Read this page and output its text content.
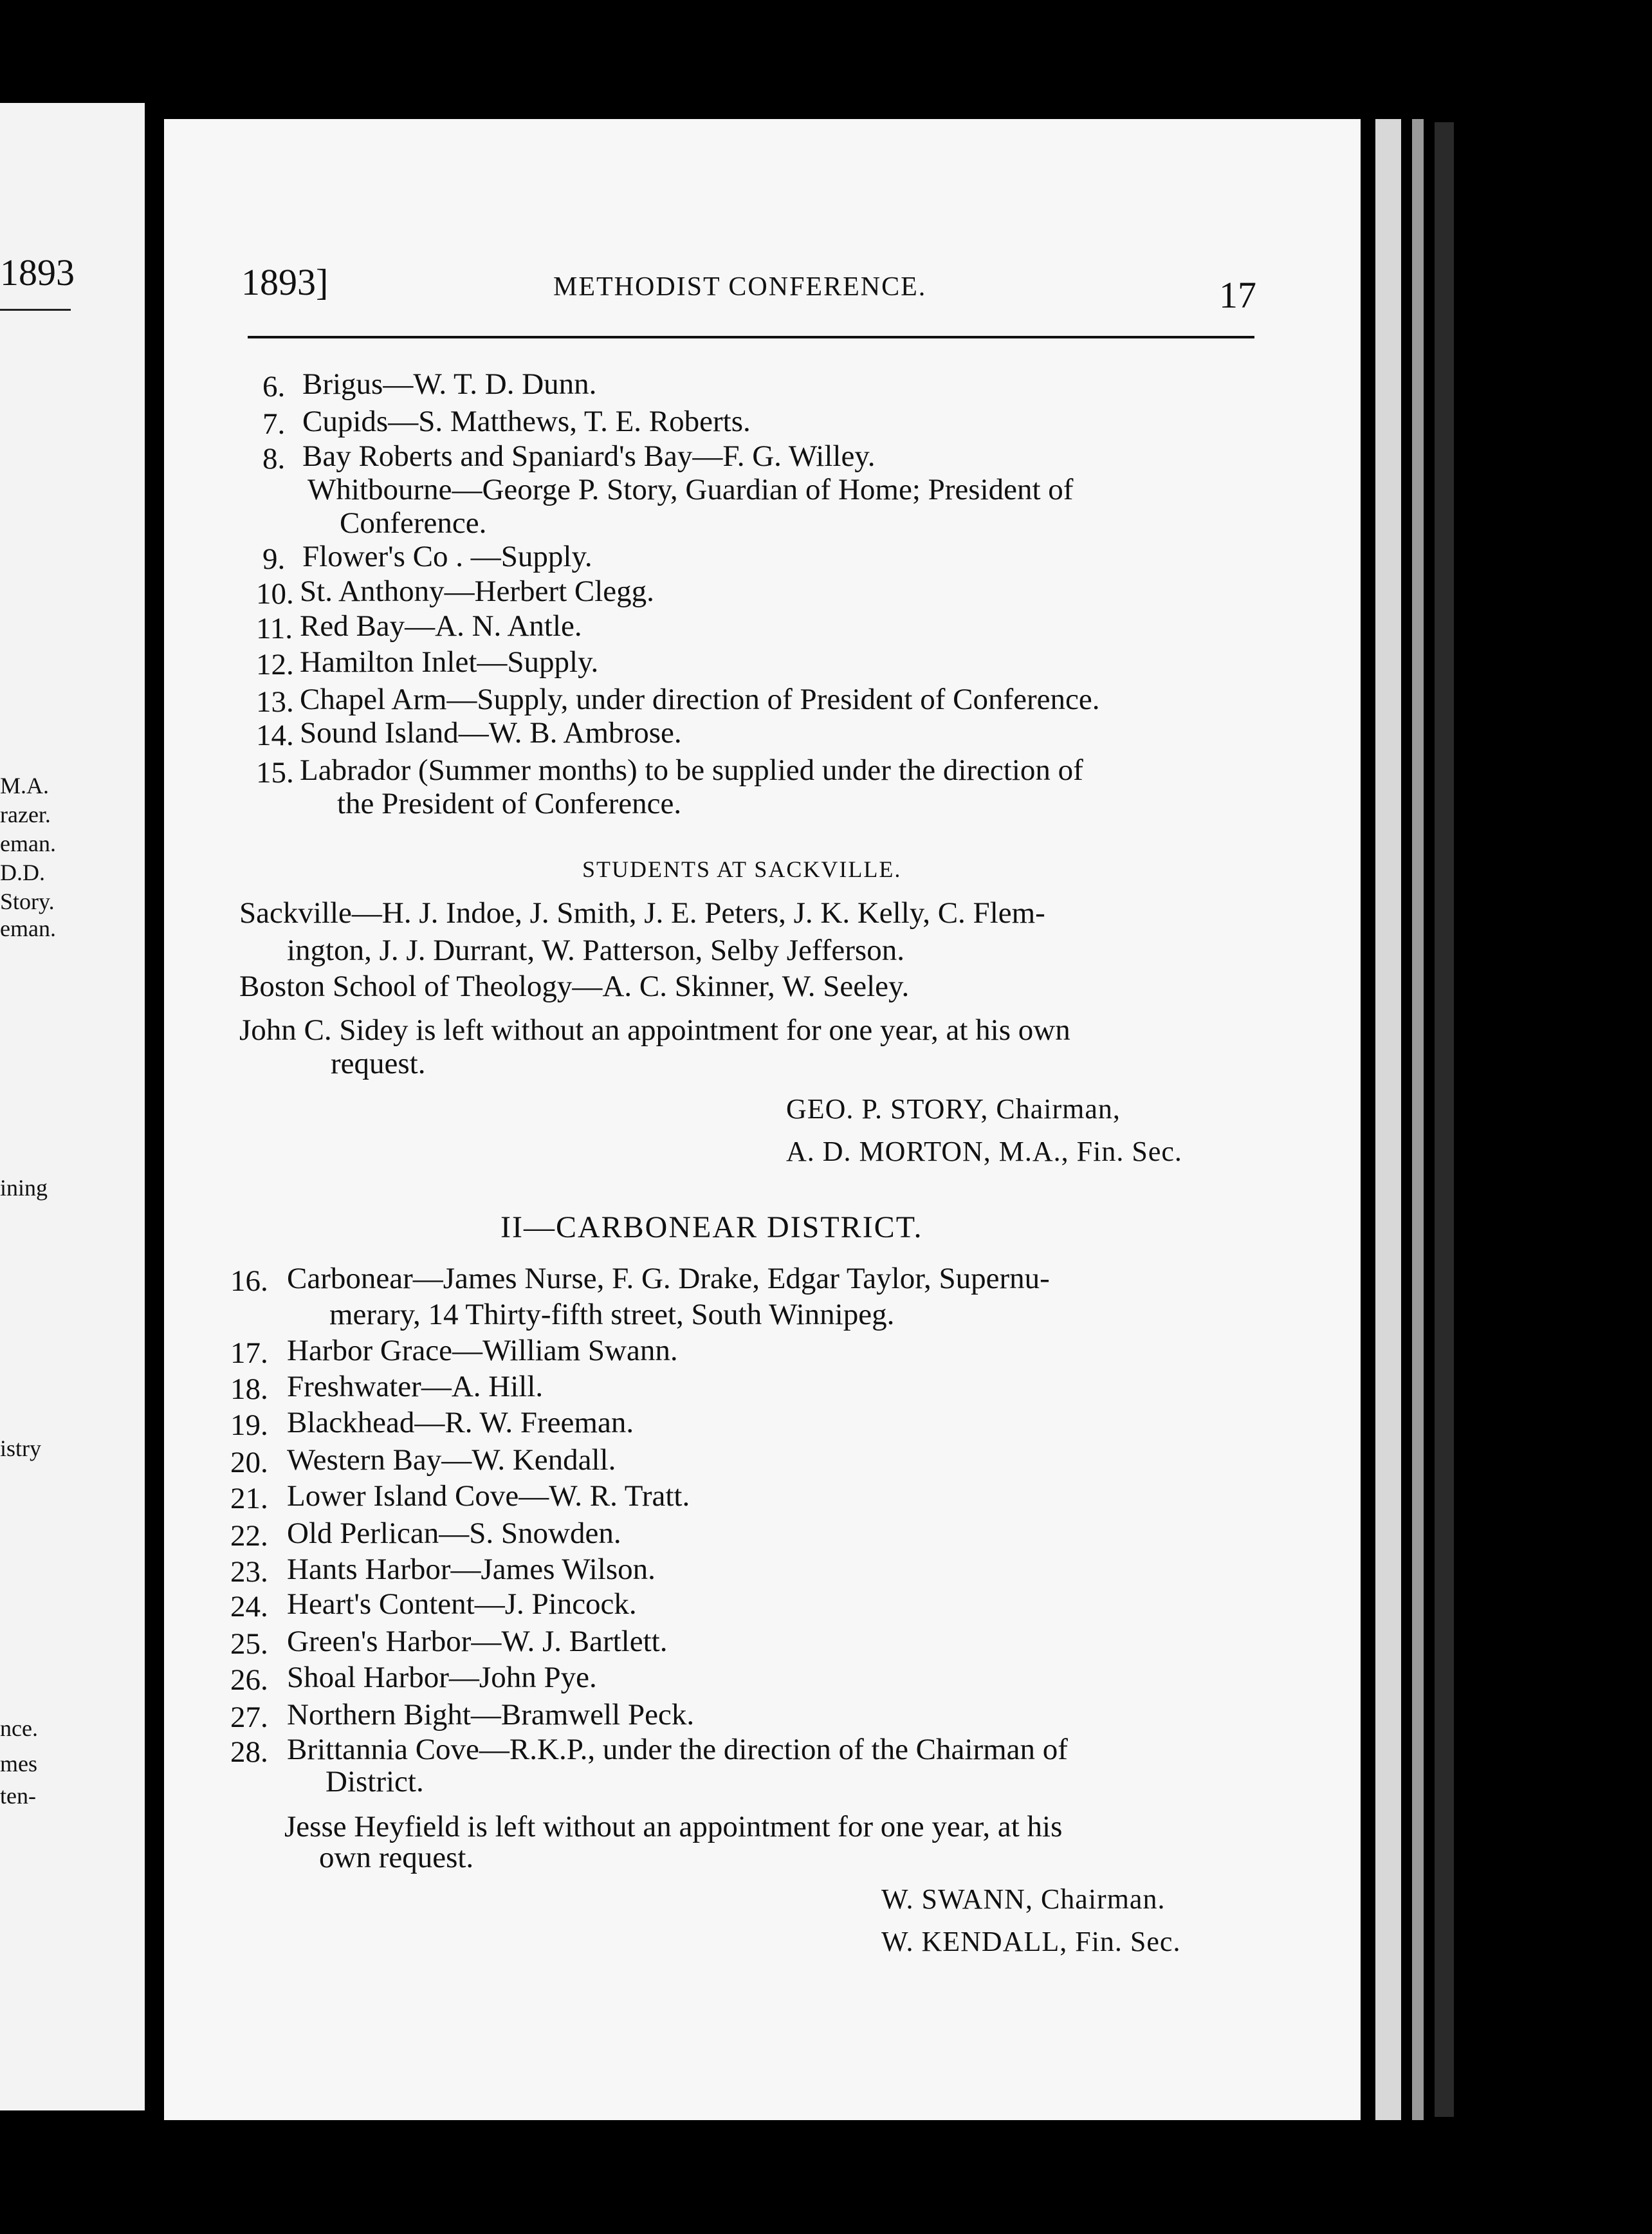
1893
M.A.
razer.
eman.
D.D.
Story.
eman.
ining
istry
nce.
mes
ten-
1893]	METHODIST CONFERENCE.	17
6. Brigus—W. T. D. Dunn.
7. Cupids—S. Matthews, T. E. Roberts.
8. Bay Roberts and Spaniard's Bay—F. G. Willey.
Whitbourne—George P. Story, Guardian of Home; President of
Conference.
9. Flower's Co . —Supply.
10. St. Anthony—Herbert Clegg.
11. Red Bay—A. N. Antle.
12. Hamilton Inlet—Supply.
13. Chapel Arm—Supply, under direction of President of Conference.
14. Sound Island—W. B. Ambrose.
15. Labrador (Summer months) to be supplied under the direction of
the President of Conference.
STUDENTS AT SACKVILLE.
Sackville—H. J. Indoe, J. Smith, J. E. Peters, J. K. Kelly, C. Flem-
ington, J. J. Durrant, W. Patterson, Selby Jefferson.
Boston School of Theology—A. C. Skinner, W. Seeley.
John C. Sidey is left without an appointment for one year, at his own
request.
GEO. P. STORY, Chairman,
A. D. MORTON, M.A., Fin. Sec.
II—CARBONEAR DISTRICT.
16. Carbonear—James Nurse, F. G. Drake, Edgar Taylor, Supernu-
merary, 14 Thirty-fifth street, South Winnipeg.
17. Harbor Grace—William Swann.
18. Freshwater—A. Hill.
19. Blackhead—R. W. Freeman.
20. Western Bay—W. Kendall.
21. Lower Island Cove—W. R. Tratt.
22. Old Perlican—S. Snowden.
23. Hants Harbor—James Wilson.
24. Heart's Content—J. Pincock.
25. Green's Harbor—W. J. Bartlett.
26. Shoal Harbor—John Pye.
27. Northern Bight—Bramwell Peck.
28. Brittannia Cove—R.K.P., under the direction of the Chairman of
District.
Jesse Heyfield is left without an appointment for one year, at his
own request.
W. SWANN, Chairman.
W. KENDALL, Fin. Sec.
